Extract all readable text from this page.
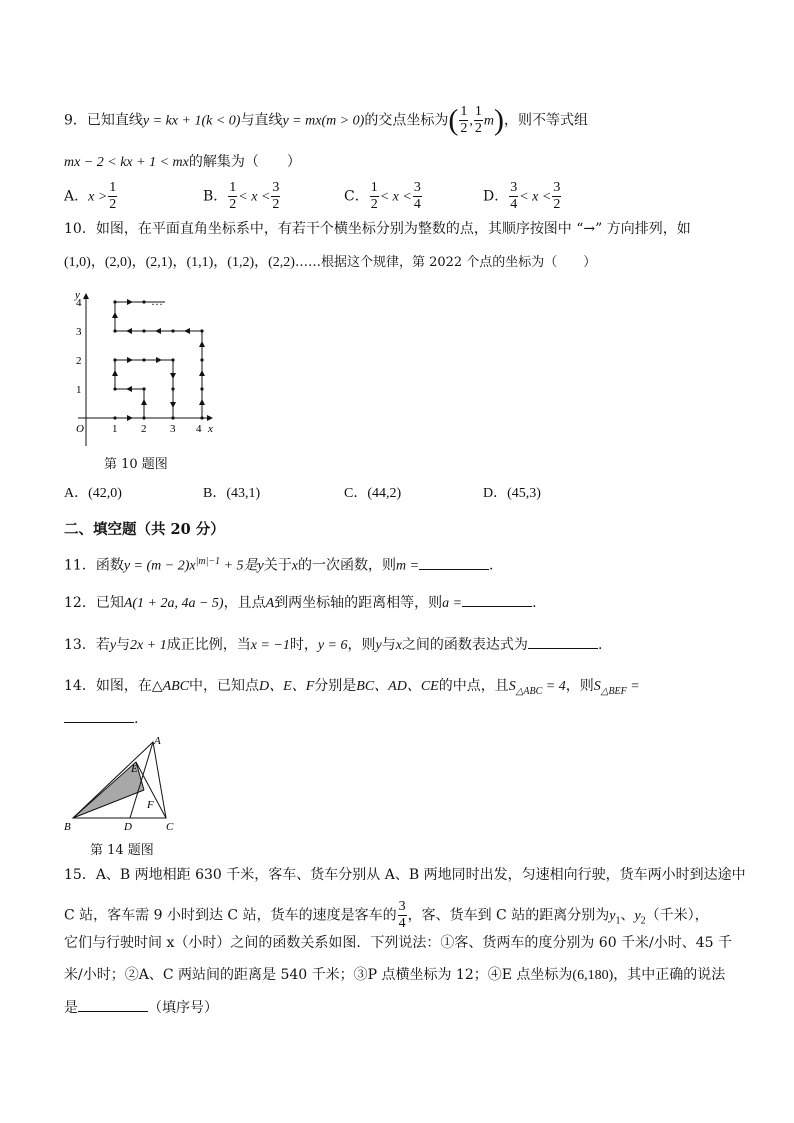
9．已知直线y = kx + 1(k < 0)与直线y = mx(m > 0)的交点坐标为( $\frac{1}{2}$ , $\frac{1}{2} m$)，则不等式组
mx − 2 < kx + 1 < mx的解集为（　　）
A．$x > \frac{1}{2}$	B． $\frac{1}{2} < x < \frac{3}{2}$	C． $\frac{1}{2} < x < \frac{3}{4}$	D． $\frac{3}{4} < x < \frac{3}{2}$
10．如图，在平面直角坐标系中，有若干个横坐标分别为整数的点，其顺序按图中 “→” 方向排列，如
(1,0)，(2,0)，(2,1)，(1,1)，(1,2)，(2,2)……根据这个规律，第 2022 个点的坐标为（　　）
x
y
O	1 2 3 4
1
2
3
4	…
第 10 题图
A．(42,0)	B．(43,1)	C．(44,2)	D．(45,3)
二、填空题（共 20 分）
11．函数$y = (m - 2)x^{|m|-1} + 5$是y关于x的一次函数，则m =	.
12．已知A(1 + 2a, 4a − 5)，且点A到两坐标轴的距离相等，则a =	.
13．若y与2x + 1成正比例，当x = −1时，y = 6，则y与x之间的函数表达式为	.
14．如图，在△ABC中，已知点D、E、F分别是BC、AD、CE的中点，且$S_{\triangle ABC} = 4$，则$S_{\triangle BEF}$ =
.
A
B	C
D
E
F
第 14 题图
15．A、B 两地相距 630 千米，客车、货车分别从 A、B 两地同时出发，匀速相向行驶，货车两小时到达途中
C 站，客车需 9 小时到达 C 站，货车的速度是客车的 $\frac{3}{4}$ ，客、货车到 C 站的距离分别为$y_1$、$y_2$（千米），
它们与行驶时间 x（小时）之间的函数关系如图．下列说法：①客、货两车的度分别为 60 千米/小时、45 千
米/小时；②A、C 两站间的距离是 540 千米；③P 点横坐标为 12；④E 点坐标为(6,180)，其中正确的说法
是	（填序号）
